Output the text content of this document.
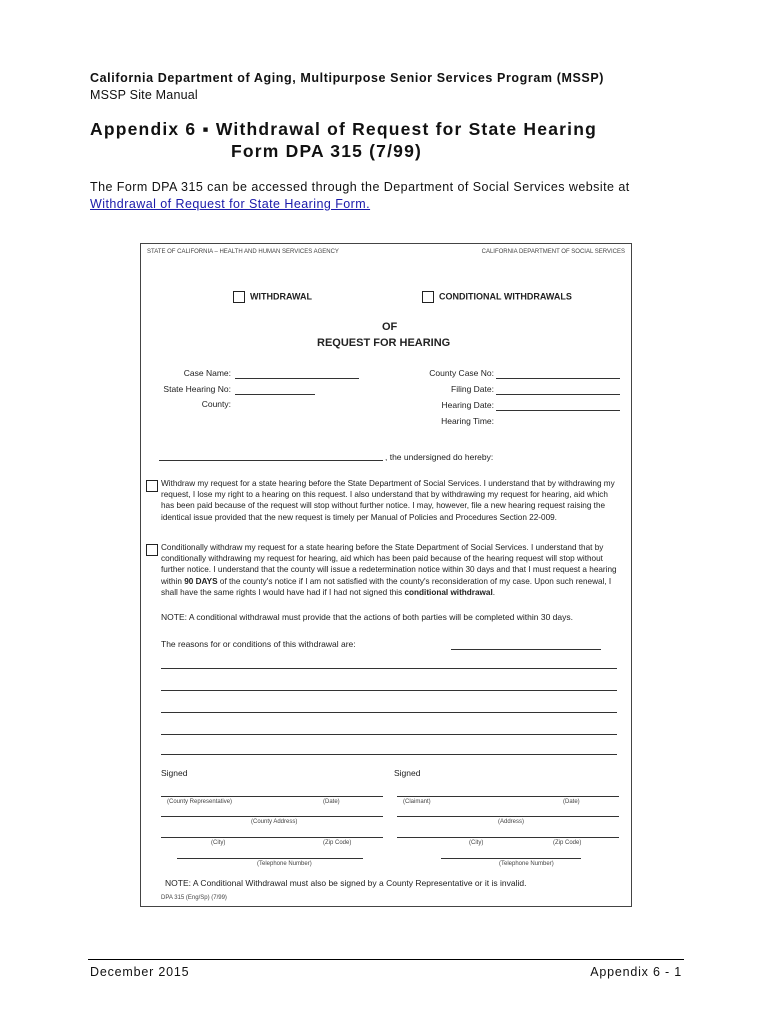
California Department of Aging, Multipurpose Senior Services Program (MSSP)
MSSP Site Manual
Appendix 6 ▪ Withdrawal of Request for State Hearing
Form DPA 315 (7/99)
The Form DPA 315 can be accessed through the Department of Social Services website at
Withdrawal of Request for State Hearing Form.
STATE OF CALIFORNIA – HEALTH AND HUMAN SERVICES AGENCY	CALIFORNIA DEPARTMENT OF SOCIAL SERVICES
WITHDRAWAL	CONDITIONAL WITHDRAWALS
OF
REQUEST FOR HEARING
Case Name:
State Hearing No:
County:
County Case No:
Filing Date:
Hearing Date:
Hearing Time:
, the undersigned do hereby:
Withdraw my request for a state hearing before the State Department of Social Services. I understand that by withdrawing my request, I lose my right to a hearing on this request. I also understand that by withdrawing my request for hearing, aid which has been paid because of the request will stop without further notice. I may, however, file a new hearing request raising the identical issue provided that the new request is timely per Manual of Policies and Procedures Section 22-009.
Conditionally withdraw my request for a state hearing before the State Department of Social Services. I understand that by conditionally withdrawing my request for hearing, aid which has been paid because of the hearing request will stop without further notice. I understand that the county will issue a redetermination notice within 30 days and that I must request a hearing within 90 DAYS of the county's notice if I am not satisfied with the county's reconsideration of my case. Upon such renewal, I shall have the same rights I would have had if I had not signed this conditional withdrawal.
NOTE: A conditional withdrawal must provide that the actions of both parties will be completed within 30 days.
The reasons for or conditions of this withdrawal are:
Signed	Signed
(County Representative)	(Date)	(Claimant)	(Date)
(County Address)	(Address)
(City)	(Zip Code)	(City)	(Zip Code)
(Telephone Number)	(Telephone Number)
NOTE: A Conditional Withdrawal must also be signed by a County Representative or it is invalid.
DPA 315 (Eng/Sp) (7/99)
December 2015	Appendix 6 - 1
